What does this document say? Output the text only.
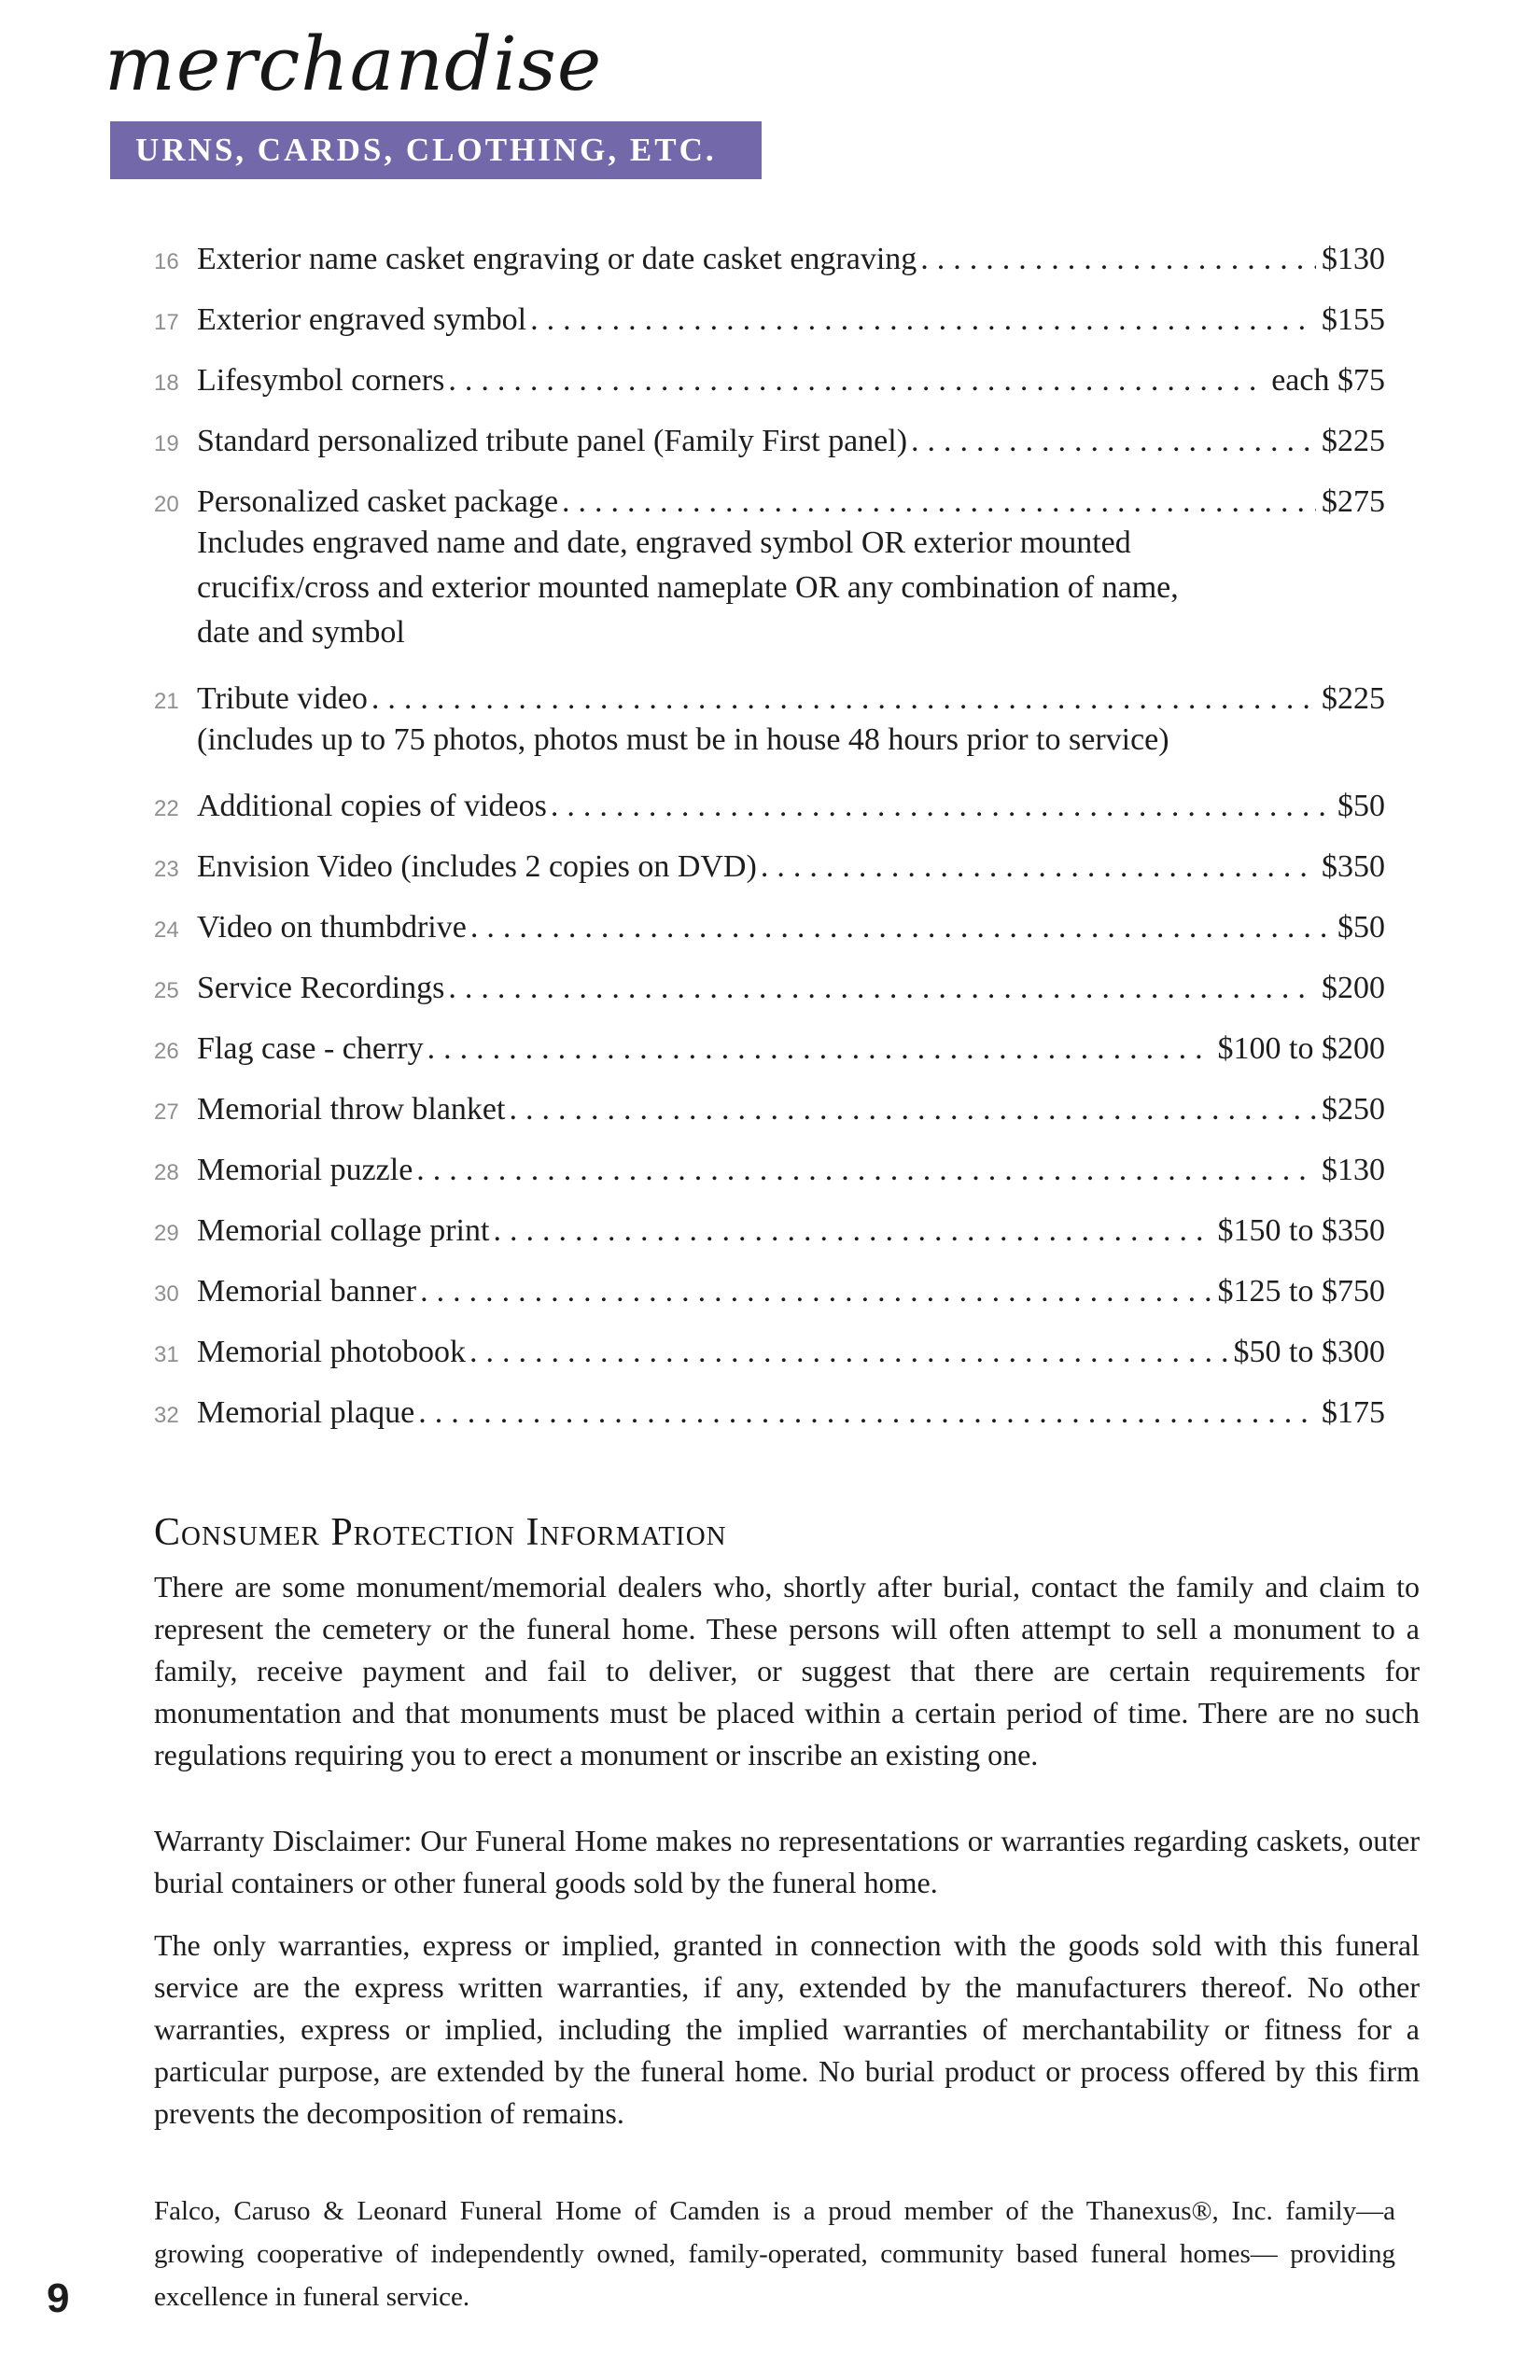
merchandise
URNS, CARDS, CLOTHING, ETC.
16 Exterior name casket engraving or date casket engraving .....	$130
17 Exterior engraved symbol .....	$155
18 Lifesymbol corners .....	each $75
19 Standard personalized tribute panel (Family First panel) .....	$225
20 Personalized casket package .....	$275
Includes engraved name and date, engraved symbol OR exterior mounted crucifix/cross and exterior mounted nameplate OR any combination of name, date and symbol
21 Tribute video .....	$225
(includes up to 75 photos, photos must be in house 48 hours prior to service)
22 Additional copies of videos .....	$50
23 Envision Video (includes 2 copies on DVD) .....	$350
24 Video on thumbdrive .....	$50
25 Service Recordings .....	$200
26 Flag case - cherry .....	$100 to $200
27 Memorial throw blanket .....	$250
28 Memorial puzzle .....	$130
29 Memorial collage print .....	$150 to $350
30 Memorial banner .....	$125 to $750
31 Memorial photobook .....	$50 to $300
32 Memorial plaque .....	$175
Consumer Protection Information
There are some monument/memorial dealers who, shortly after burial, contact the family and claim to represent the cemetery or the funeral home. These persons will often attempt to sell a monument to a family, receive payment and fail to deliver, or suggest that there are certain requirements for monumentation and that monuments must be placed within a certain period of time. There are no such regulations requiring you to erect a monument or inscribe an existing one.
Warranty Disclaimer: Our Funeral Home makes no representations or warranties regarding caskets, outer burial containers or other funeral goods sold by the funeral home.
The only warranties, express or implied, granted in connection with the goods sold with this funeral service are the express written warranties, if any, extended by the manufacturers thereof. No other warranties, express or implied, including the implied warranties of merchantability or fitness for a particular purpose, are extended by the funeral home. No burial product or process offered by this firm prevents the decomposition of remains.
Falco, Caruso & Leonard Funeral Home of Camden is a proud member of the Thanexus®, Inc. family—a growing cooperative of independently owned, family-operated, community based funeral homes— providing excellence in funeral service.
9
